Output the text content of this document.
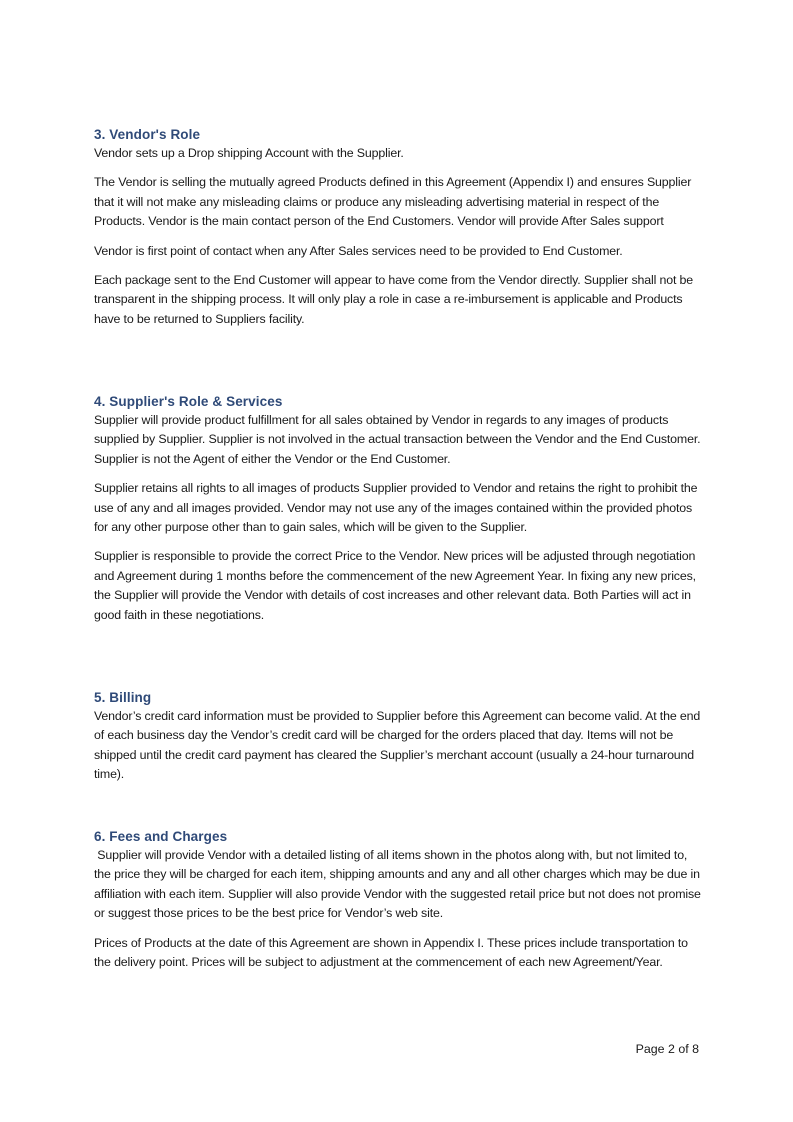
3. Vendor's Role

Vendor sets up a Drop shipping Account with the Supplier.

The Vendor is selling the mutually agreed Products defined in this Agreement (Appendix I) and ensures Supplier that it will not make any misleading claims or produce any misleading advertising material in respect of the Products. Vendor is the main contact person of the End Customers. Vendor will provide After Sales support

Vendor is first point of contact when any After Sales services need to be provided to End Customer.

Each package sent to the End Customer will appear to have come from the Vendor directly. Supplier shall not be transparent in the shipping process. It will only play a role in case a re-imbursement is applicable and Products have to be returned to Suppliers facility.

4. Supplier's Role & Services

Supplier will provide product fulfillment for all sales obtained by Vendor in regards to any images of products supplied by Supplier. Supplier is not involved in the actual transaction between the Vendor and the End Customer. Supplier is not the Agent of either the Vendor or the End Customer.

Supplier retains all rights to all images of products Supplier provided to Vendor and retains the right to prohibit the use of any and all images provided. Vendor may not use any of the images contained within the provided photos for any other purpose other than to gain sales, which will be given to the Supplier.

Supplier is responsible to provide the correct Price to the Vendor. New prices will be adjusted through negotiation and Agreement during 1 months before the commencement of the new Agreement Year. In fixing any new prices, the Supplier will provide the Vendor with details of cost increases and other relevant data. Both Parties will act in good faith in these negotiations.

5. Billing

Vendor’s credit card information must be provided to Supplier before this Agreement can become valid. At the end of each business day the Vendor’s credit card will be charged for the orders placed that day. Items will not be shipped until the credit card payment has cleared the Supplier’s merchant account (usually a 24-hour turnaround time).

6. Fees and Charges

Supplier will provide Vendor with a detailed listing of all items shown in the photos along with, but not limited to, the price they will be charged for each item, shipping amounts and any and all other charges which may be due in affiliation with each item. Supplier will also provide Vendor with the suggested retail price but not does not promise or suggest those prices to be the best price for Vendor’s web site.

Prices of Products at the date of this Agreement are shown in Appendix I. These prices include transportation to the delivery point. Prices will be subject to adjustment at the commencement of each new Agreement/Year.

Page 2 of 8
